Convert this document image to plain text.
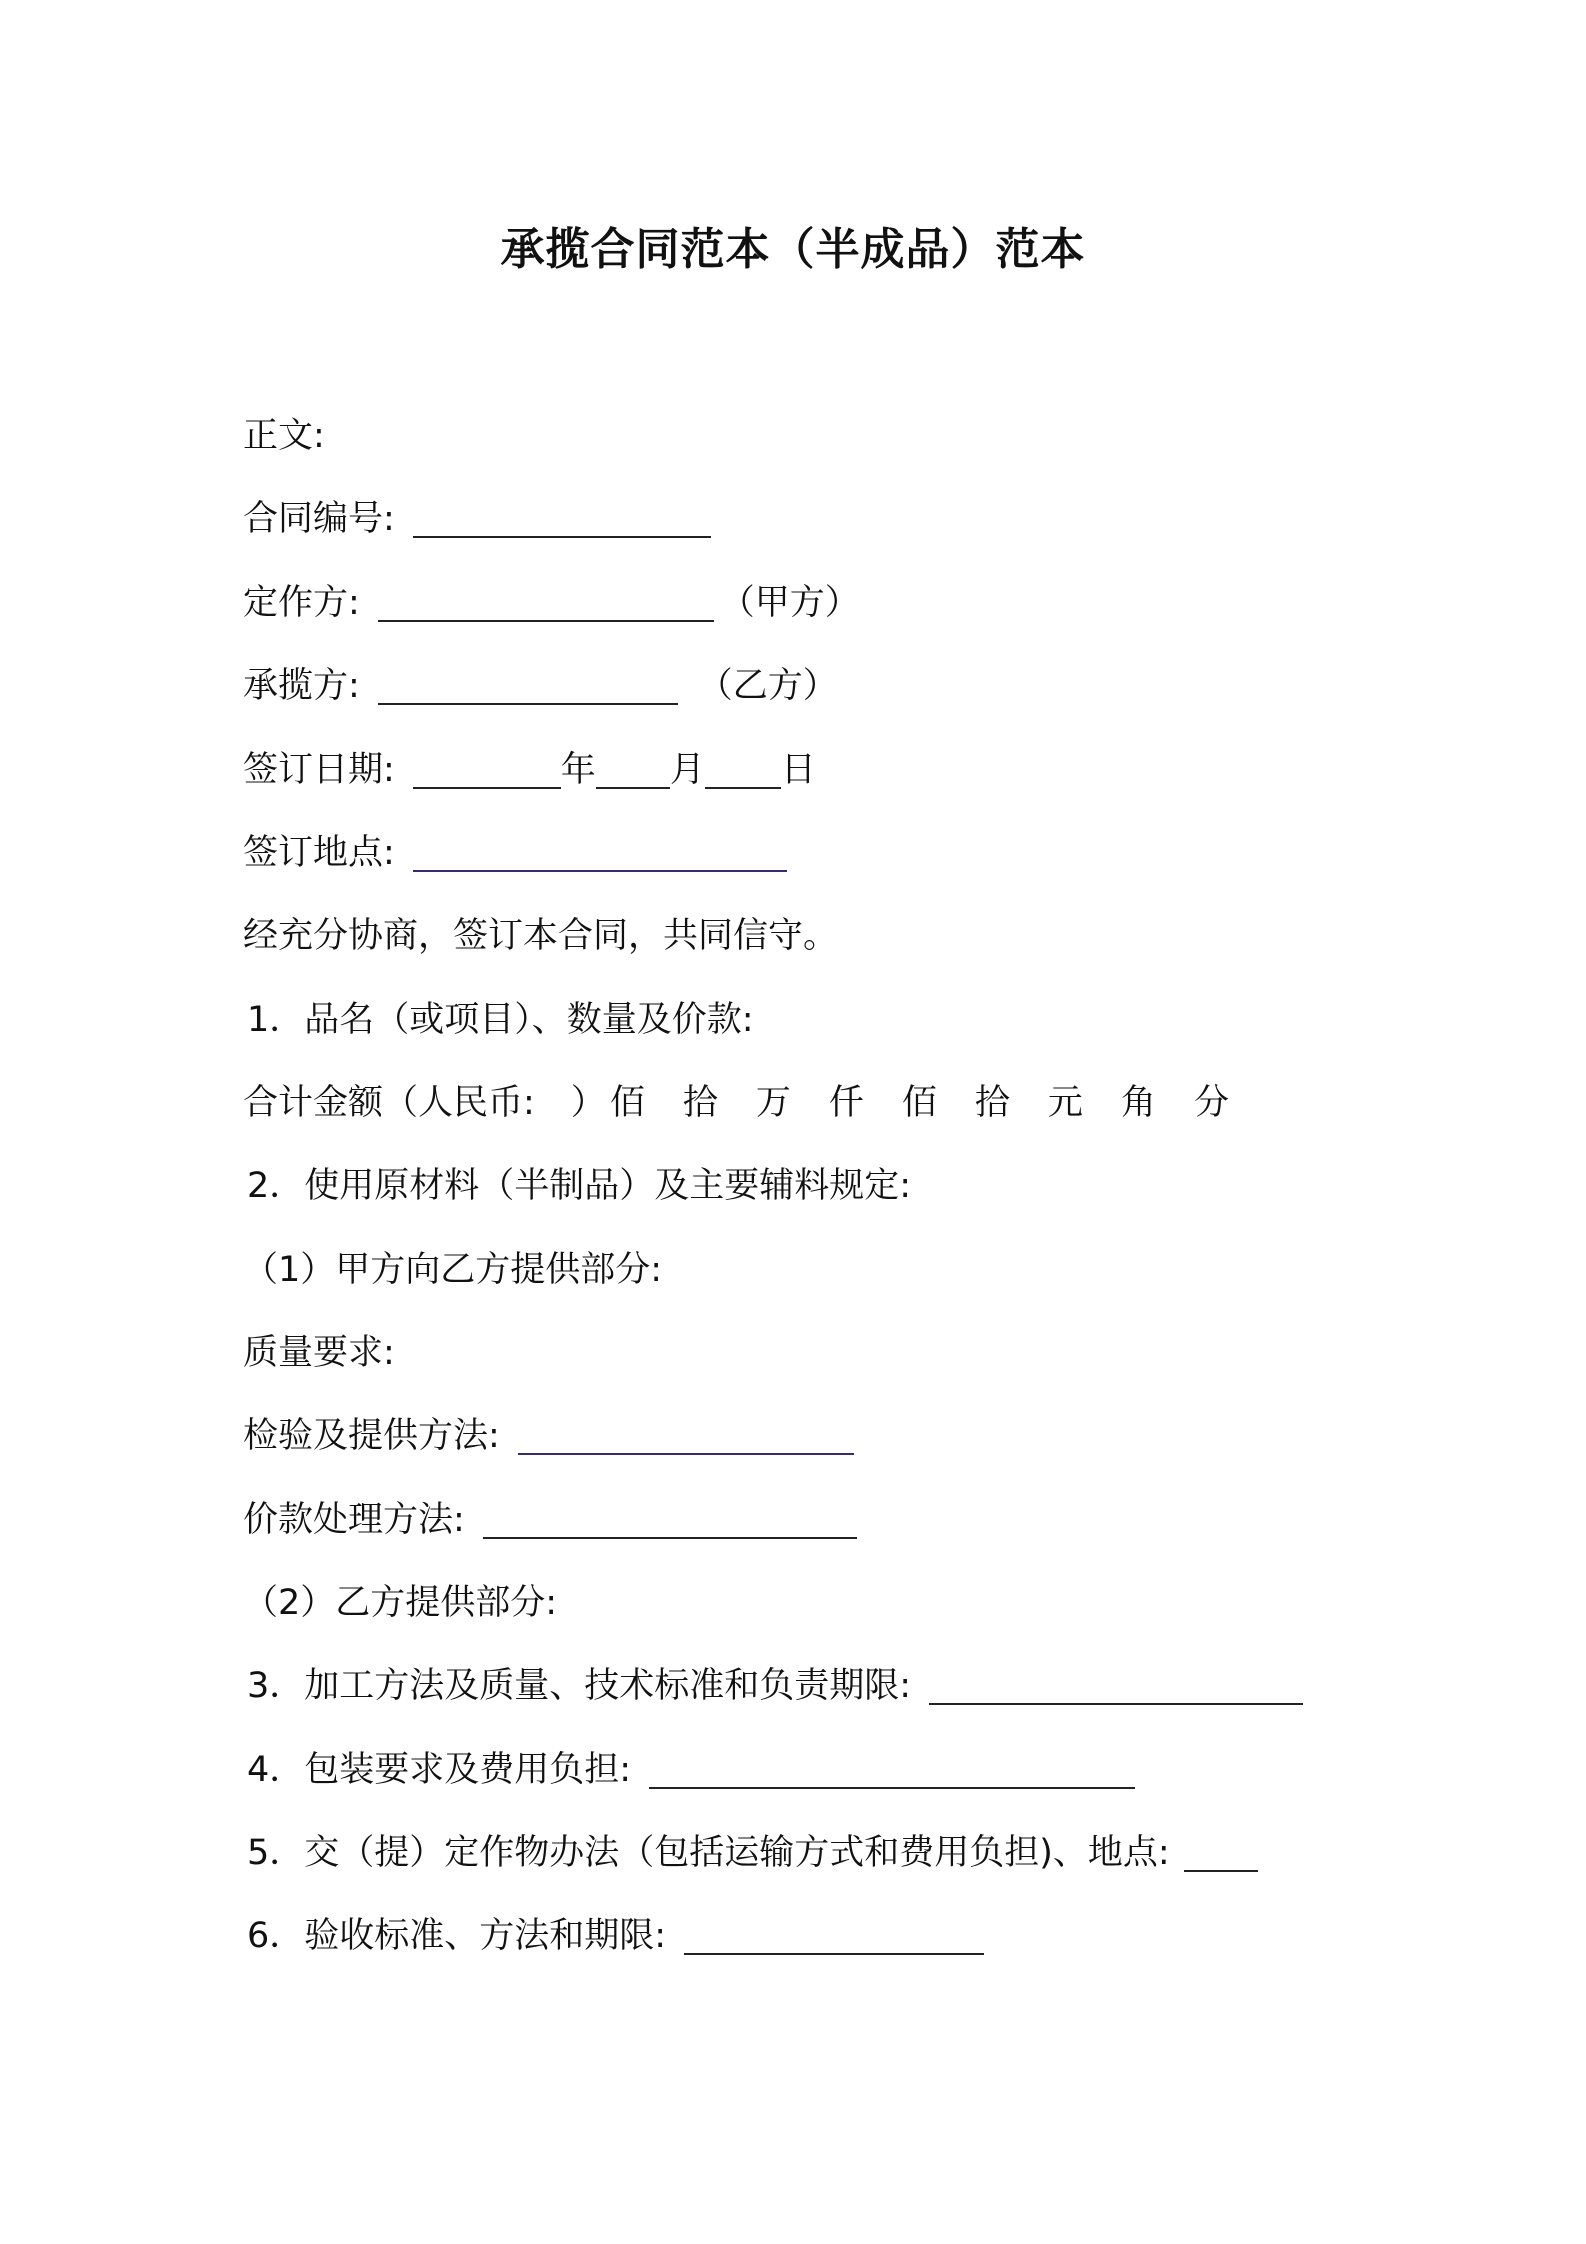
承揽合同范本（半成品）范本
正文:
合同编号:
定作方:	（甲方）
承揽方:	（乙方）
签订日期:	年 月 日
签订地点:
经充分协商，签订本合同，共同信守。
1．品名（或项目）、数量及价款:
合计金额（人民币: ） 佰 拾 万 仟 佰 拾 元 角 分
2．使用原材料（半制品）及主要辅料规定:
（1）甲方向乙方提供部分:
质量要求:
检验及提供方法:
价款处理方法:
（2）乙方提供部分:
3．加工方法及质量、技术标准和负责期限:
4．包装要求及费用负担:
5．交（提）定作物办法（包括运输方式和费用负担)、地点:
6．验收标准、方法和期限:
